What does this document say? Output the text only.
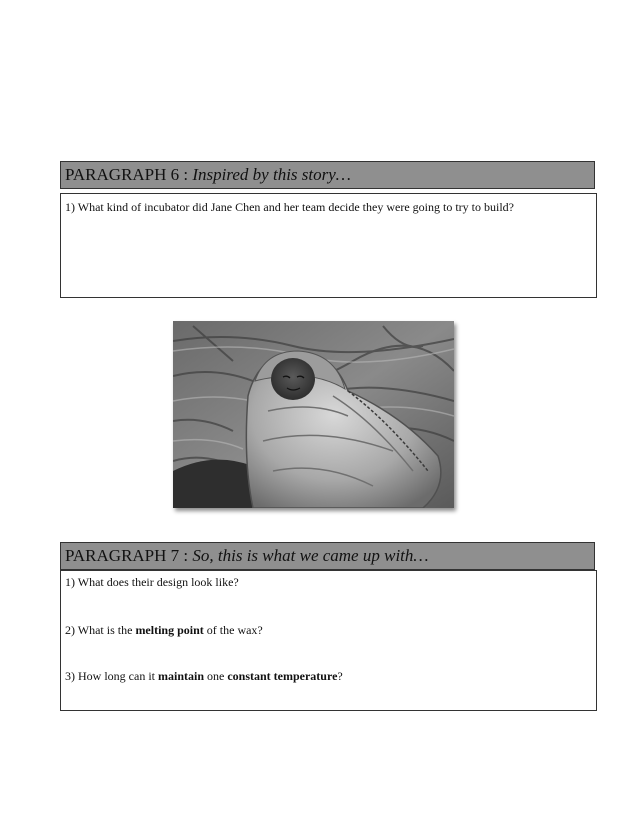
PARAGRAPH 6 : Inspired by this story…
1) What kind of incubator did Jane Chen and her team decide they were going to try to build?
PARAGRAPH 7 : So, this is what we came up with…
1) What does their design look like?
2) What is the melting point of the wax?
3) How long can it maintain one constant temperature?
